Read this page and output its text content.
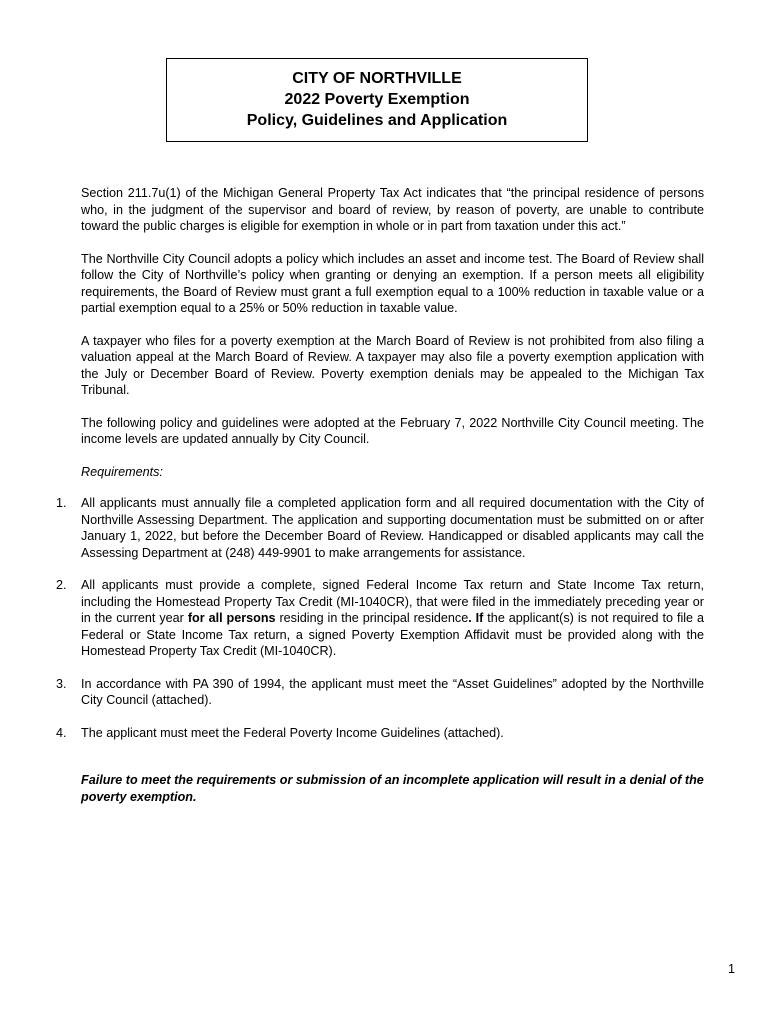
CITY OF NORTHVILLE
2022 Poverty Exemption
Policy, Guidelines and Application

Section 211.7u(1) of the Michigan General Property Tax Act indicates that “the principal residence of persons who, in the judgment of the supervisor and board of review, by reason of poverty, are unable to contribute toward the public charges is eligible for exemption in whole or in part from taxation under this act.”

The Northville City Council adopts a policy which includes an asset and income test. The Board of Review shall follow the City of Northville’s policy when granting or denying an exemption. If a person meets all eligibility requirements, the Board of Review must grant a full exemption equal to a 100% reduction in taxable value or a partial exemption equal to a 25% or 50% reduction in taxable value.

A taxpayer who files for a poverty exemption at the March Board of Review is not prohibited from also filing a valuation appeal at the March Board of Review. A taxpayer may also file a poverty exemption application with the July or December Board of Review. Poverty exemption denials may be appealed to the Michigan Tax Tribunal.

The following policy and guidelines were adopted at the February 7, 2022 Northville City Council meeting. The income levels are updated annually by City Council.

Requirements:

1. All applicants must annually file a completed application form and all required documentation with the City of Northville Assessing Department. The application and supporting documentation must be submitted on or after January 1, 2022, but before the December Board of Review. Handicapped or disabled applicants may call the Assessing Department at (248) 449-9901 to make arrangements for assistance.
2. All applicants must provide a complete, signed Federal Income Tax return and State Income Tax return, including the Homestead Property Tax Credit (MI-1040CR), that were filed in the immediately preceding year or in the current year for all persons residing in the principal residence. If the applicant(s) is not required to file a Federal or State Income Tax return, a signed Poverty Exemption Affidavit must be provided along with the Homestead Property Tax Credit (MI-1040CR).
3. In accordance with PA 390 of 1994, the applicant must meet the “Asset Guidelines” adopted by the Northville City Council (attached).
4. The applicant must meet the Federal Poverty Income Guidelines (attached).

Failure to meet the requirements or submission of an incomplete application will result in a denial of the poverty exemption.

1
